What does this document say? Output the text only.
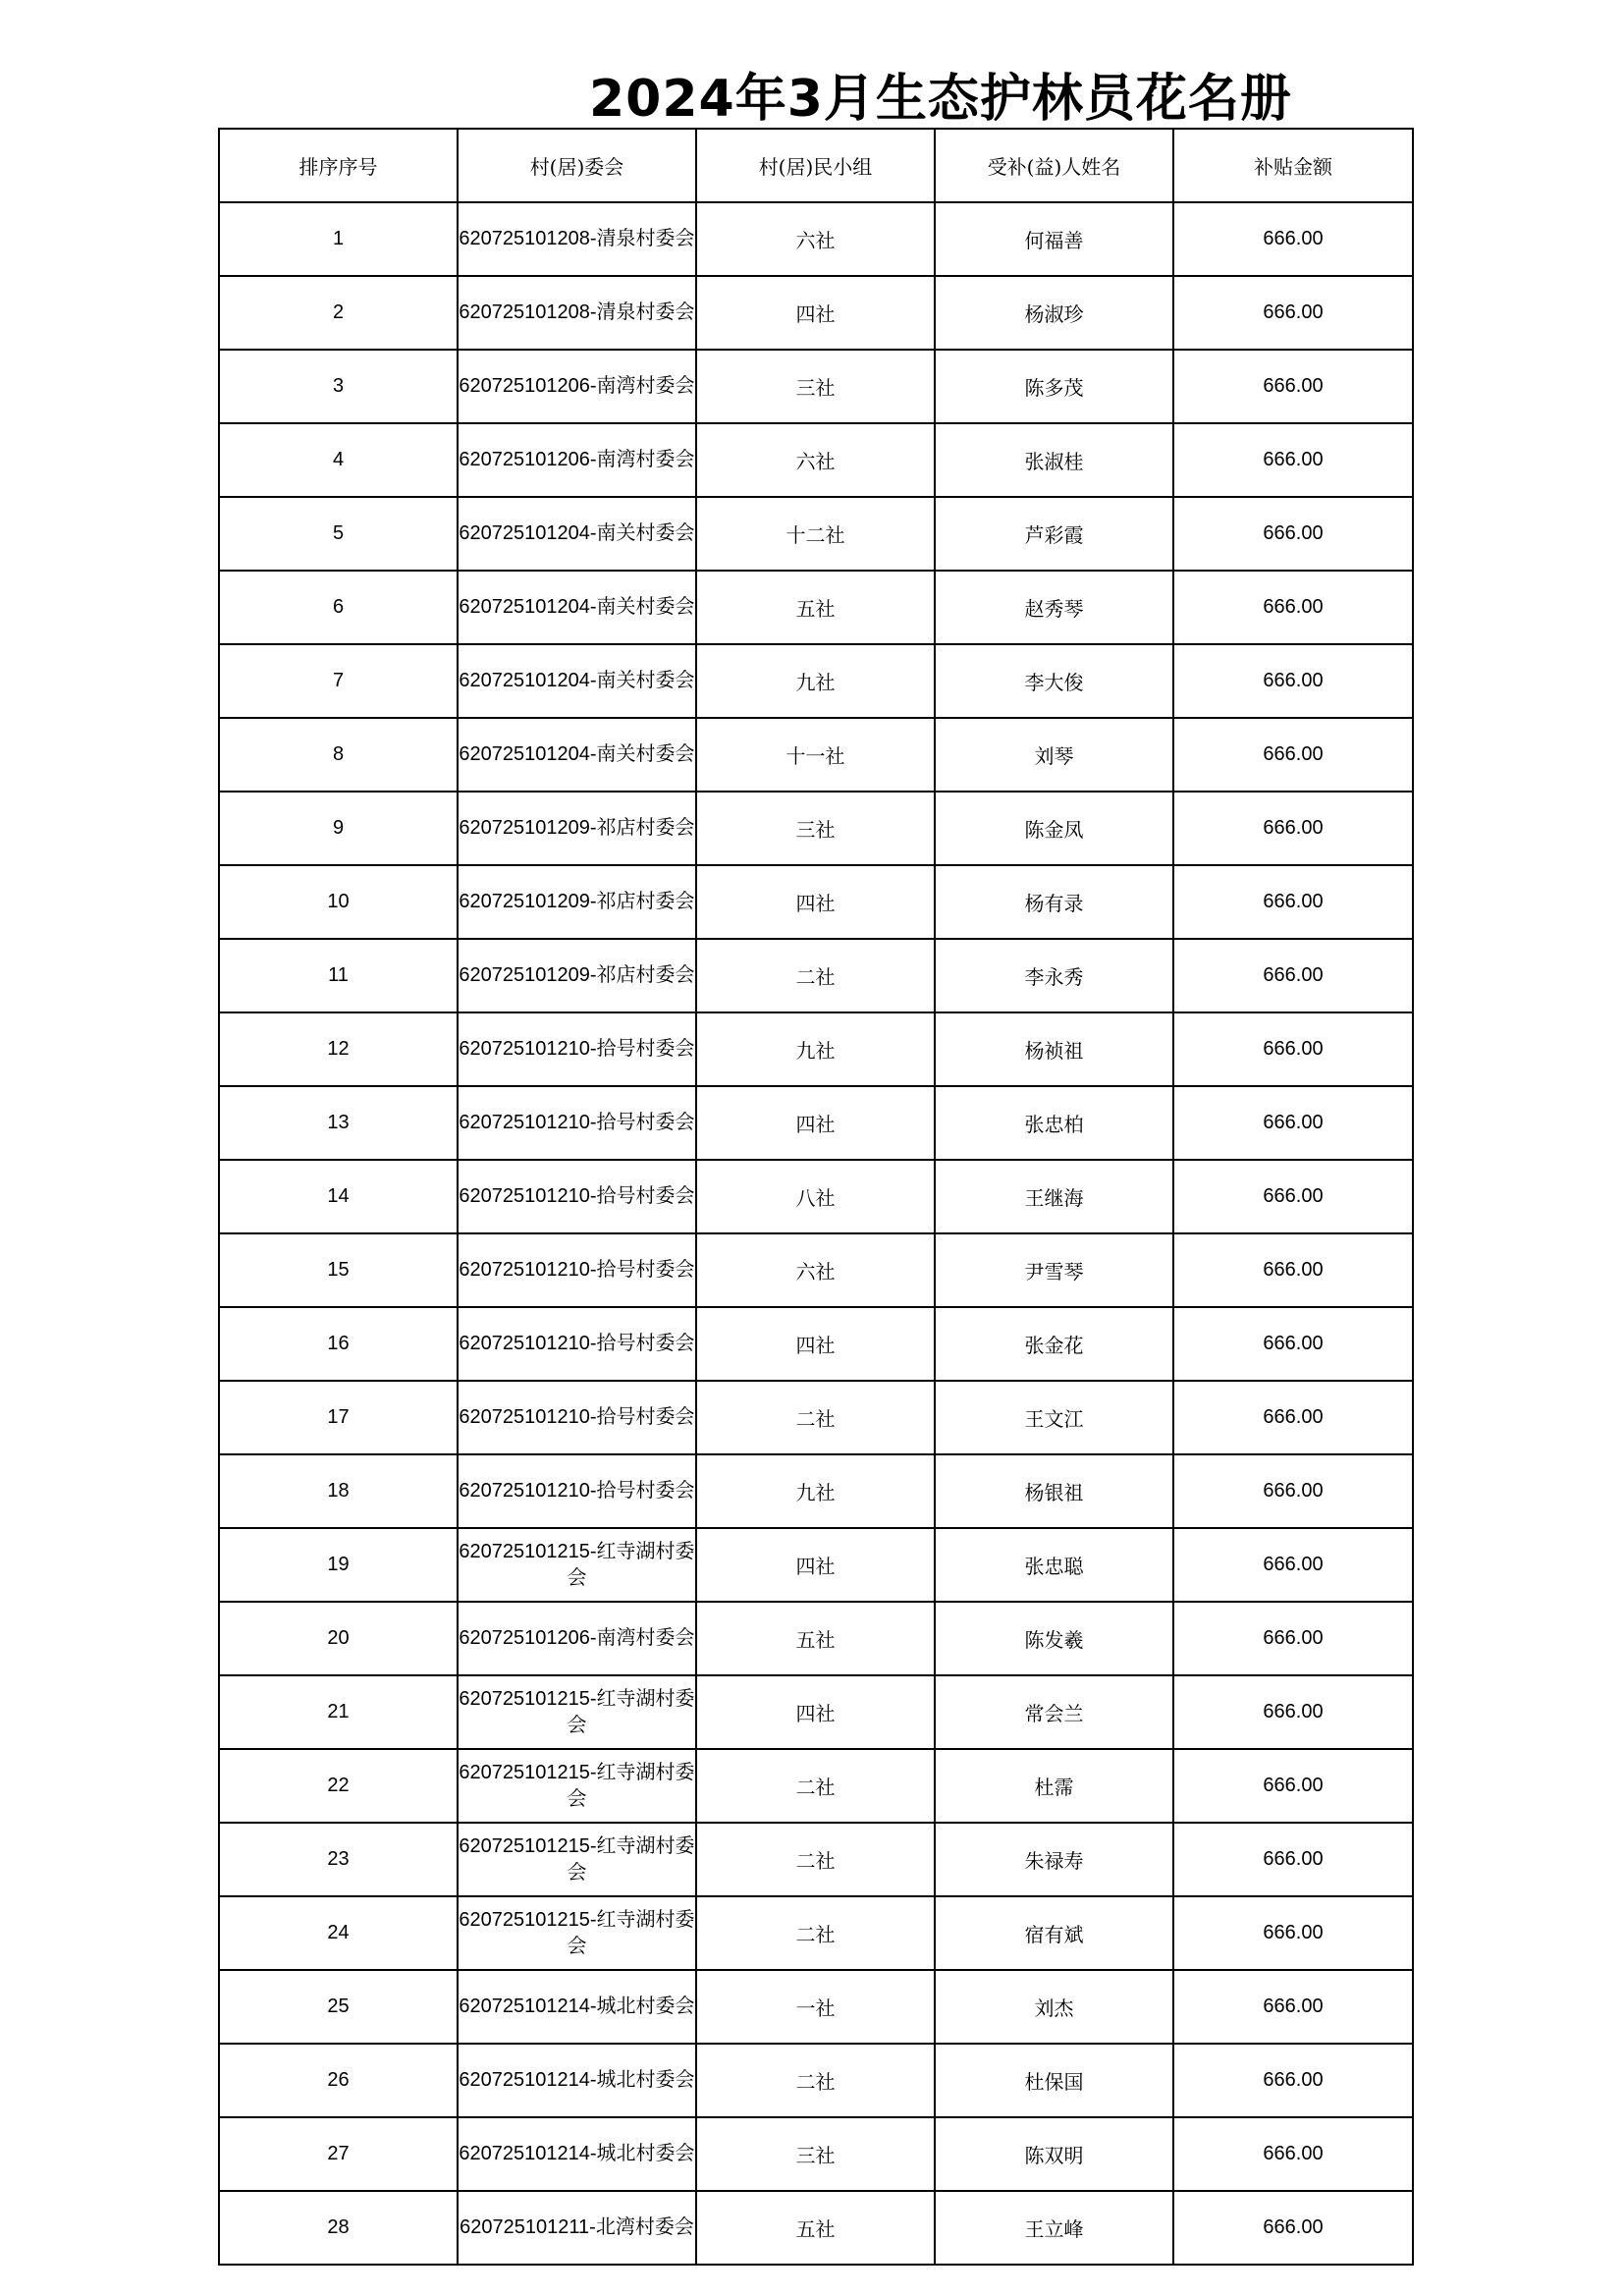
2024年3月生态护林员花名册
排序序号	村(居)委会	村(居)民小组	受补(益)人姓名	补贴金额
1	620725101208-清泉村委会	六社	何福善	666.00
2	620725101208-清泉村委会	四社	杨淑珍	666.00
3	620725101206-南湾村委会	三社	陈多茂	666.00
4	620725101206-南湾村委会	六社	张淑桂	666.00
5	620725101204-南关村委会	十二社	芦彩霞	666.00
6	620725101204-南关村委会	五社	赵秀琴	666.00
7	620725101204-南关村委会	九社	李大俊	666.00
8	620725101204-南关村委会	十一社	刘琴	666.00
9	620725101209-祁店村委会	三社	陈金凤	666.00
10	620725101209-祁店村委会	四社	杨有录	666.00
11	620725101209-祁店村委会	二社	李永秀	666.00
12	620725101210-拾号村委会	九社	杨祯祖	666.00
13	620725101210-拾号村委会	四社	张忠柏	666.00
14	620725101210-拾号村委会	八社	王继海	666.00
15	620725101210-拾号村委会	六社	尹雪琴	666.00
16	620725101210-拾号村委会	四社	张金花	666.00
17	620725101210-拾号村委会	二社	王文江	666.00
18	620725101210-拾号村委会	九社	杨银祖	666.00
19	620725101215-红寺湖村委会	四社	张忠聪	666.00
20	620725101206-南湾村委会	五社	陈发羲	666.00
21	620725101215-红寺湖村委会	四社	常会兰	666.00
22	620725101215-红寺湖村委会	二社	杜霈	666.00
23	620725101215-红寺湖村委会	二社	朱禄寿	666.00
24	620725101215-红寺湖村委会	二社	宿有斌	666.00
25	620725101214-城北村委会	一社	刘杰	666.00
26	620725101214-城北村委会	二社	杜保国	666.00
27	620725101214-城北村委会	三社	陈双明	666.00
28	620725101211-北湾村委会	五社	王立峰	666.00
